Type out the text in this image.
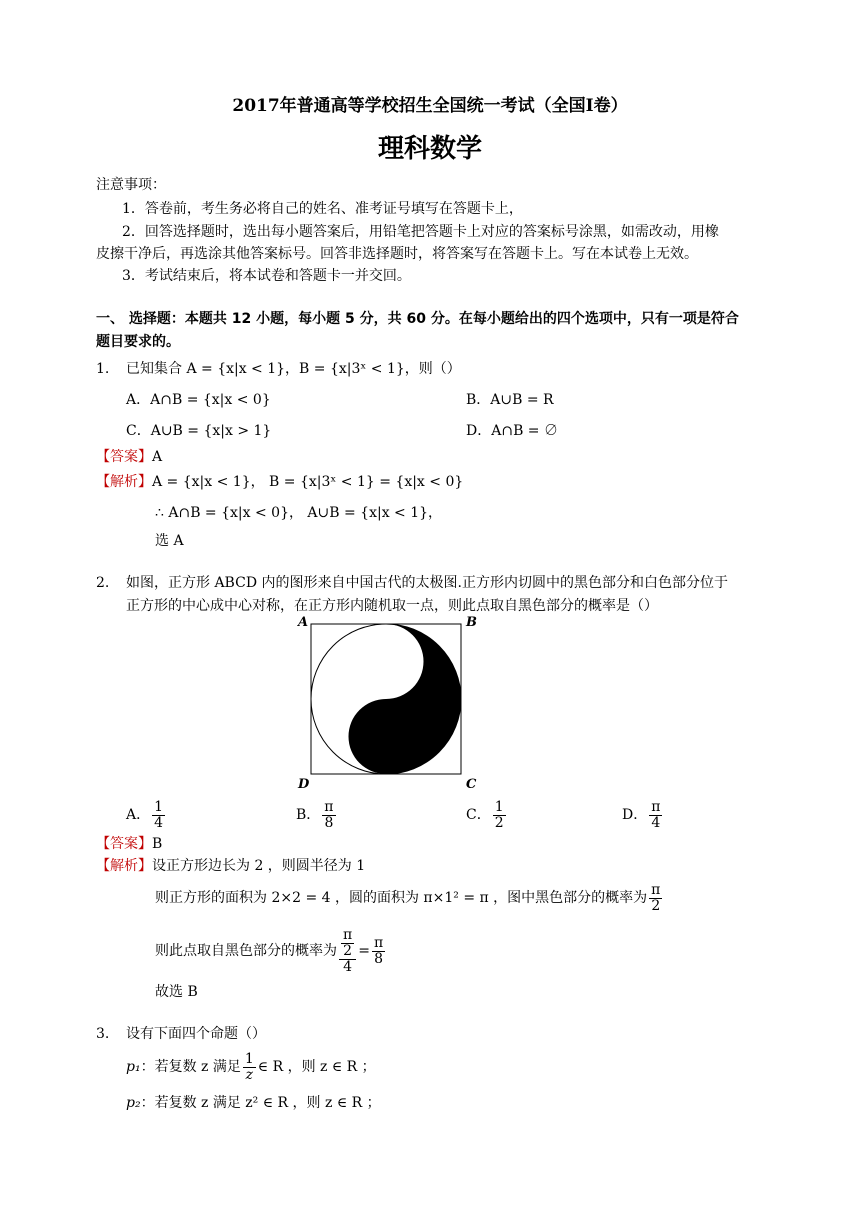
2017年普通高等学校招生全国统一考试（全国I卷）
理科数学
注意事项：
1．答卷前，考生务必将自己的姓名、准考证号填写在答题卡上，
2．回答选择题时，选出每小题答案后，用铅笔把答题卡上对应的答案标号涂黑，如需改动，用橡
皮擦干净后，再选涂其他答案标号。回答非选择题时，将答案写在答题卡上。写在本试卷上无效。
3．考试结束后，将本试卷和答题卡一并交回。
一、 选择题：本题共 12 小题，每小题 5 分，共 60 分。在每小题给出的四个选项中，只有一项是符合
题目要求的。
1. 已知集合 A = {x|x < 1}，B = {x|3ˣ < 1}，则（）
A．A∩B = {x|x < 0}	B．A∪B = R
C．A∪B = {x|x > 1}	D．A∩B = ∅
【答案】A
【解析】A = {x|x < 1}， B = {x|3ˣ < 1} = {x|x < 0}
∴ A∩B = {x|x < 0}， A∪B = {x|x < 1}，
选 A
2. 如图，正方形 ABCD 内的图形来自中国古代的太极图.正方形内切圆中的黑色部分和白色部分位于
正方形的中心成中心对称，在正方形内随机取一点，则此点取自黑色部分的概率是（）
A	B
D	C
A． $\frac{1}{4}$	B． $\frac{\pi}{8}$	C． $\frac{1}{2}$	D． $\frac{\pi}{4}$
【答案】B
【解析】设正方形边长为 2 ，则圆半径为 1
则正方形的面积为 2×2 = 4 ，圆的面积为 π×1² = π ，图中黑色部分的概率为 $\frac{\pi}{2}$
则此点取自黑色部分的概率为 $\frac{\frac{\pi}{2}}{4} = \frac{\pi}{8}$
故选 B
3. 设有下面四个命题（）
p₁ ：若复数 z 满足 $\frac{1}{z}$ ∈ R ，则 z ∈ R ；
p₂：若复数 z 满足 z² ∈ R ，则 z ∈ R ；
